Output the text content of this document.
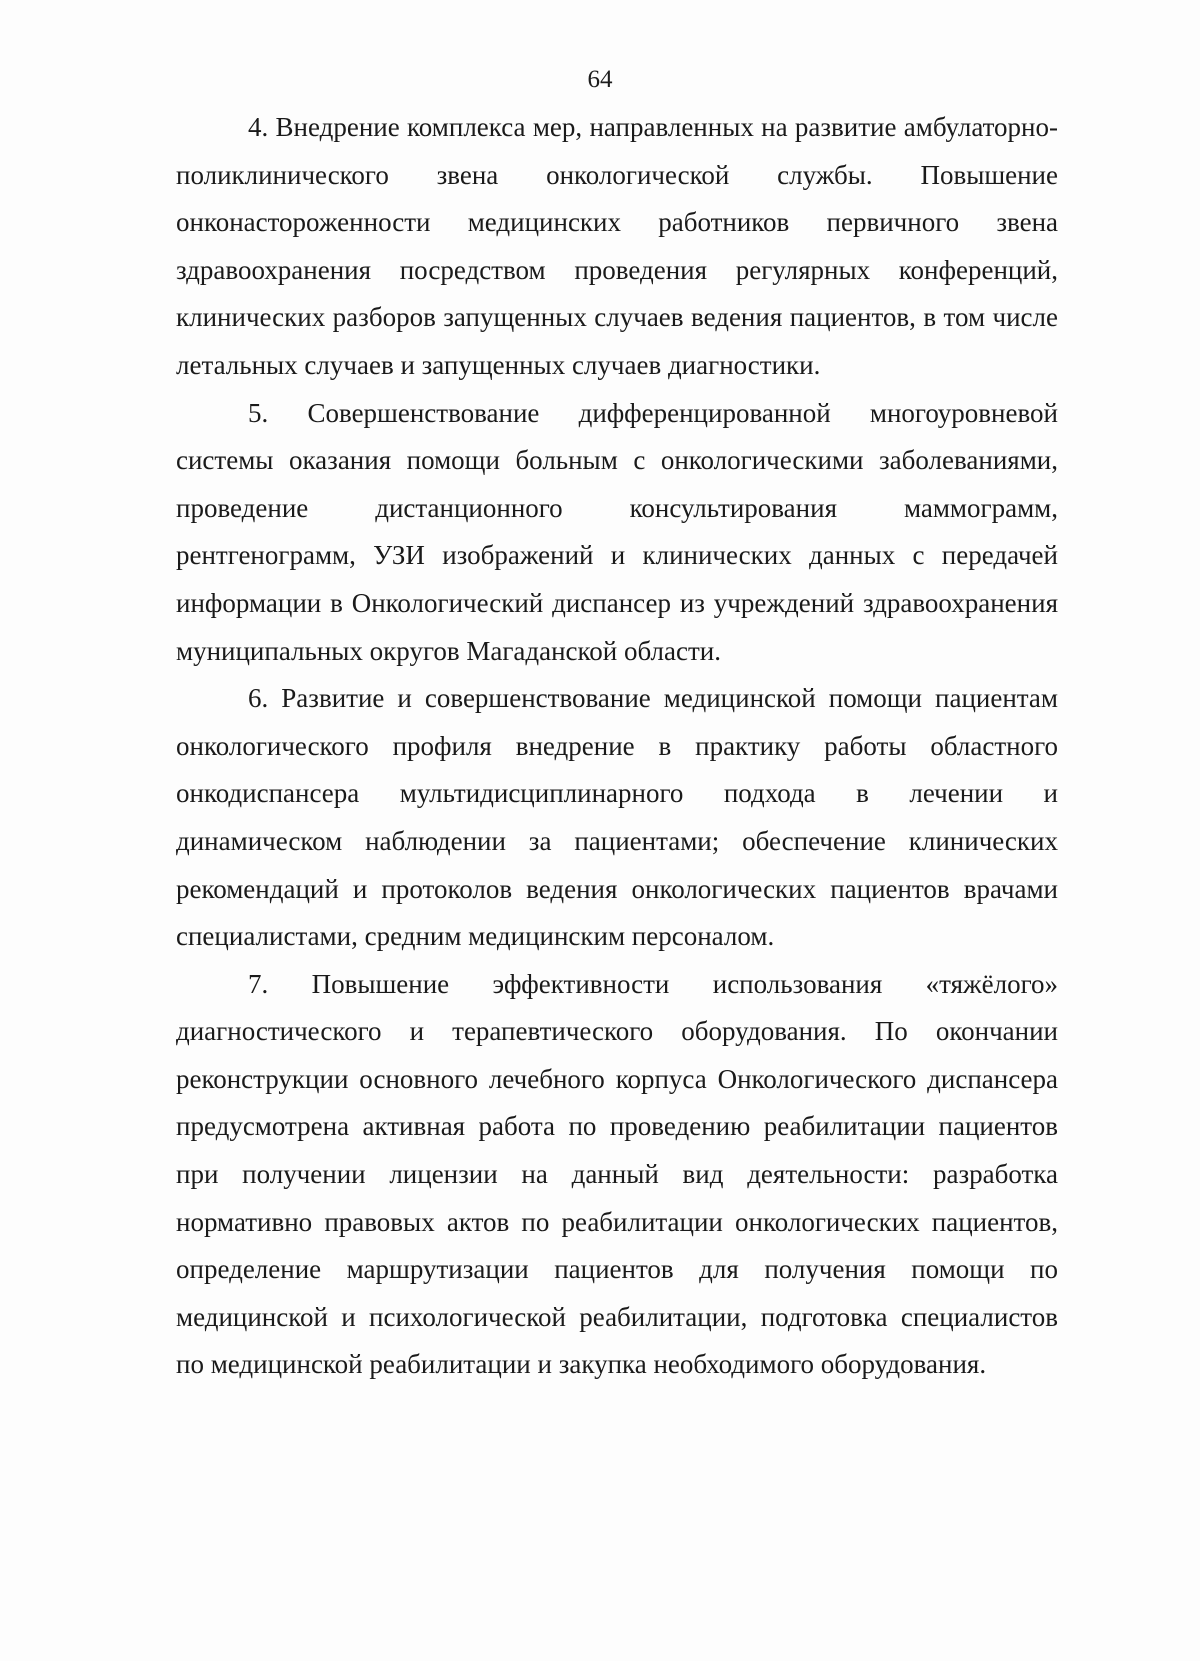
64

4. Внедрение комплекса мер, направленных на развитие амбулаторно-поликлинического звена онкологической службы. Повышение онконастороженности медицинских работников первичного звена здравоохранения посредством проведения регулярных конференций, клинических разборов запущенных случаев ведения пациентов, в том числе летальных случаев и запущенных случаев диагностики.

5. Совершенствование дифференцированной многоуровневой системы оказания помощи больным с онкологическими заболеваниями, проведение дистанционного консультирования маммограмм, рентгенограмм, УЗИ изображений и клинических данных с передачей информации в Онкологический диспансер из учреждений здравоохранения муниципальных округов Магаданской области.

6. Развитие и совершенствование медицинской помощи пациентам онкологического профиля внедрение в практику работы областного онкодиспансера мультидисциплинарного подхода в лечении и динамическом наблюдении за пациентами; обеспечение клинических рекомендаций и протоколов ведения онкологических пациентов врачами специалистами, средним медицинским персоналом.

7. Повышение эффективности использования «тяжёлого» диагностического и терапевтического оборудования. По окончании реконструкции основного лечебного корпуса Онкологического диспансера предусмотрена активная работа по проведению реабилитации пациентов при получении лицензии на данный вид деятельности: разработка нормативно правовых актов по реабилитации онкологических пациентов, определение маршрутизации пациентов для получения помощи по медицинской и психологической реабилитации, подготовка специалистов по медицинской реабилитации и закупка необходимого оборудования.
